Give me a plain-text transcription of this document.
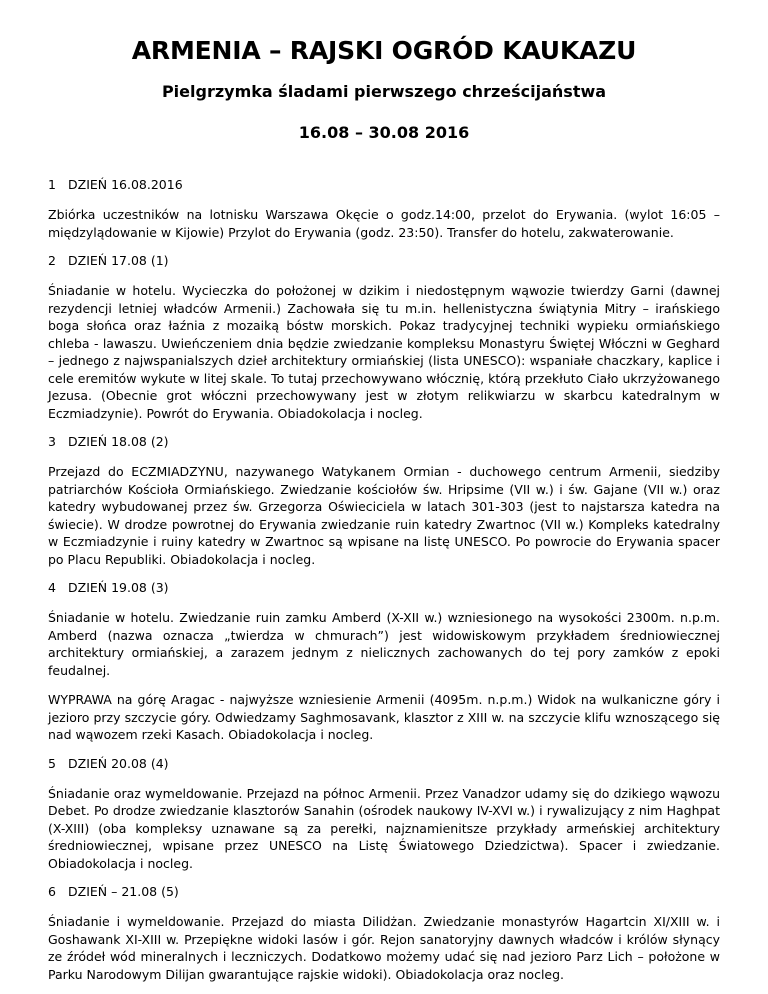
ARMENIA – RAJSKI OGRÓD KAUKAZU
Pielgrzymka śladami pierwszego chrześcijaństwa
16.08 – 30.08 2016
1 DZIEŃ 16.08.2016

Zbiórka uczestników na lotnisku Warszawa Okęcie o godz.14:00, przelot do Erywania. (wylot 16:05 – międzylądowanie w Kijowie) Przylot do Erywania (godz. 23:50). Transfer do hotelu, zakwaterowanie.

2 DZIEŃ 17.08 (1)

Śniadanie w hotelu. Wycieczka do położonej w dzikim i niedostępnym wąwozie twierdzy Garni (dawnej rezydencji letniej władców Armenii.) Zachowała się tu m.in. hellenistyczna świątynia Mitry – irańskiego boga słońca oraz łaźnia z mozaiką bóstw morskich. Pokaz tradycyjnej techniki wypieku ormiańskiego chleba - lawaszu. Uwieńczeniem dnia będzie zwiedzanie kompleksu Monastyru Świętej Włóczni w Geghard – jednego z najwspanialszych dzieł architektury ormiańskiej (lista UNESCO): wspaniałe chaczkary, kaplice i cele eremitów wykute w litej skale. To tutaj przechowywano włócznię, którą przekłuto Ciało ukrzyżowanego Jezusa. (Obecnie grot włóczni przechowywany jest w złotym relikwiarzu w skarbcu katedralnym w Eczmiadzynie). Powrót do Erywania. Obiadokolacja i nocleg.

3 DZIEŃ 18.08 (2)

Przejazd do ECZMIADZYNU, nazywanego Watykanem Ormian - duchowego centrum Armenii, siedziby patriarchów Kościoła Ormiańskiego. Zwiedzanie kościołów św. Hripsime (VII w.) i św. Gajane (VII w.) oraz katedry wybudowanej przez św. Grzegorza Oświeciciela w latach 301-303 (jest to najstarsza katedra na świecie). W drodze powrotnej do Erywania zwiedzanie ruin katedry Zwartnoc (VII w.) Kompleks katedralny w Eczmiadzynie i ruiny katedry w Zwartnoc są wpisane na listę UNESCO. Po powrocie do Erywania spacer po Placu Republiki. Obiadokolacja i nocleg.

4 DZIEŃ 19.08 (3)

Śniadanie w hotelu. Zwiedzanie ruin zamku Amberd (X-XII w.) wzniesionego na wysokości 2300m. n.p.m. Amberd (nazwa oznacza „twierdza w chmurach”) jest widowiskowym przykładem średniowiecznej architektury ormiańskiej, a zarazem jednym z nielicznych zachowanych do tej pory zamków z epoki feudalnej.

WYPRAWA na górę Aragac - najwyższe wzniesienie Armenii (4095m. n.p.m.) Widok na wulkaniczne góry i jezioro przy szczycie góry. Odwiedzamy Saghmosavank, klasztor z XIII w. na szczycie klifu wznoszącego się nad wąwozem rzeki Kasach. Obiadokolacja i nocleg.

5 DZIEŃ 20.08 (4)

Śniadanie oraz wymeldowanie. Przejazd na północ Armenii. Przez Vanadzor udamy się do dzikiego wąwozu Debet. Po drodze zwiedzanie klasztorów Sanahin (ośrodek naukowy IV-XVI w.) i rywalizujący z nim Haghpat (X-XIII) (oba kompleksy uznawane są za perełki, najznamienitsze przykłady armeńskiej architektury średniowiecznej, wpisane przez UNESCO na Listę Światowego Dziedzictwa). Spacer i zwiedzanie. Obiadokolacja i nocleg.

6 DZIEŃ – 21.08 (5)

Śniadanie i wymeldowanie. Przejazd do miasta Dilidżan. Zwiedzanie monastyrów Hagartcin XI/XIII w. i Goshawank XI-XIII w. Przepiękne widoki lasów i gór. Rejon sanatoryjny dawnych władców i królów słynący ze źródeł wód mineralnych i leczniczych. Dodatkowo możemy udać się nad jezioro Parz Lich – położone w Parku Narodowym Dilijan gwarantujące rajskie widoki). Obiadokolacja oraz nocleg.
